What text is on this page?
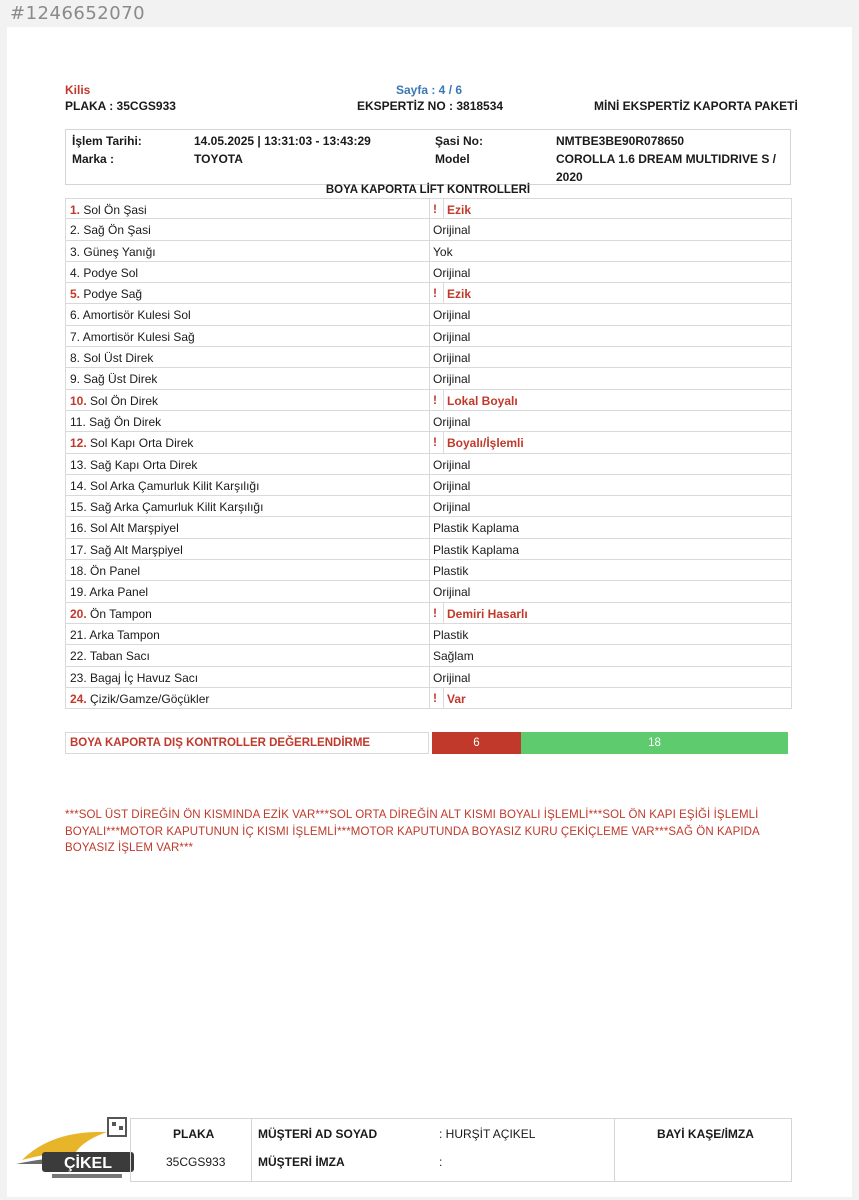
#1246652070
Kilis	Sayfa : 4 / 6
PLAKA : 35CGS933	EKSPERTİZ NO : 3818534	MİNİ EKSPERTİZ KAPORTA PAKETİ
İşlem Tarihi:	14.05.2025 | 13:31:03 - 13:43:29	Şasi No:	NMTBE3BE90R078650
Marka :	TOYOTA	Model	COROLLA 1.6 DREAM MULTIDRIVE S /
2020
BOYA KAPORTA LİFT KONTROLLERİ
1. Sol Ön Şasi	! Ezik
2. Sağ Ön Şasi	Orijinal
3. Güneş Yanığı	Yok
4. Podye Sol	Orijinal
5. Podye Sağ	! Ezik
6. Amortisör Kulesi Sol	Orijinal
7. Amortisör Kulesi Sağ	Orijinal
8. Sol Üst Direk	Orijinal
9. Sağ Üst Direk	Orijinal
10. Sol Ön Direk	! Lokal Boyalı
11. Sağ Ön Direk	Orijinal
12. Sol Kapı Orta Direk	! Boyalı/İşlemli
13. Sağ Kapı Orta Direk	Orijinal
14. Sol Arka Çamurluk Kilit Karşılığı	Orijinal
15. Sağ Arka Çamurluk Kilit Karşılığı	Orijinal
16. Sol Alt Marşpiyel	Plastik Kaplama
17. Sağ Alt Marşpiyel	Plastik Kaplama
18. Ön Panel	Plastik
19. Arka Panel	Orijinal
20. Ön Tampon	! Demiri Hasarlı
21. Arka Tampon	Plastik
22. Taban Sacı	Sağlam
23. Bagaj İç Havuz Sacı	Orijinal
24. Çizik/Gamze/Göçükler	! Var
BOYA KAPORTA DIŞ KONTROLLER DEĞERLENDİRME	6	18
***SOL ÜST DİREĞİN ÖN KISMINDA EZİK VAR***SOL ORTA DİREĞİN ALT KISMI BOYALI İŞLEMLİ***SOL ÖN KAPI EŞİĞİ İŞLEMLİ BOYALI***MOTOR KAPUTUNUN İÇ KISMI İŞLEMLİ***MOTOR KAPUTUNDA BOYASIZ KURU ÇEKİÇLEME VAR***SAĞ ÖN KAPIDA BOYASIZ İŞLEM VAR***
ÇİKEL
PLAKA
35CGS933
MÜŞTERİ AD SOYAD	: HURŞİT AÇIKEL
MÜŞTERİ İMZA	:
BAYİ KAŞE/İMZA
